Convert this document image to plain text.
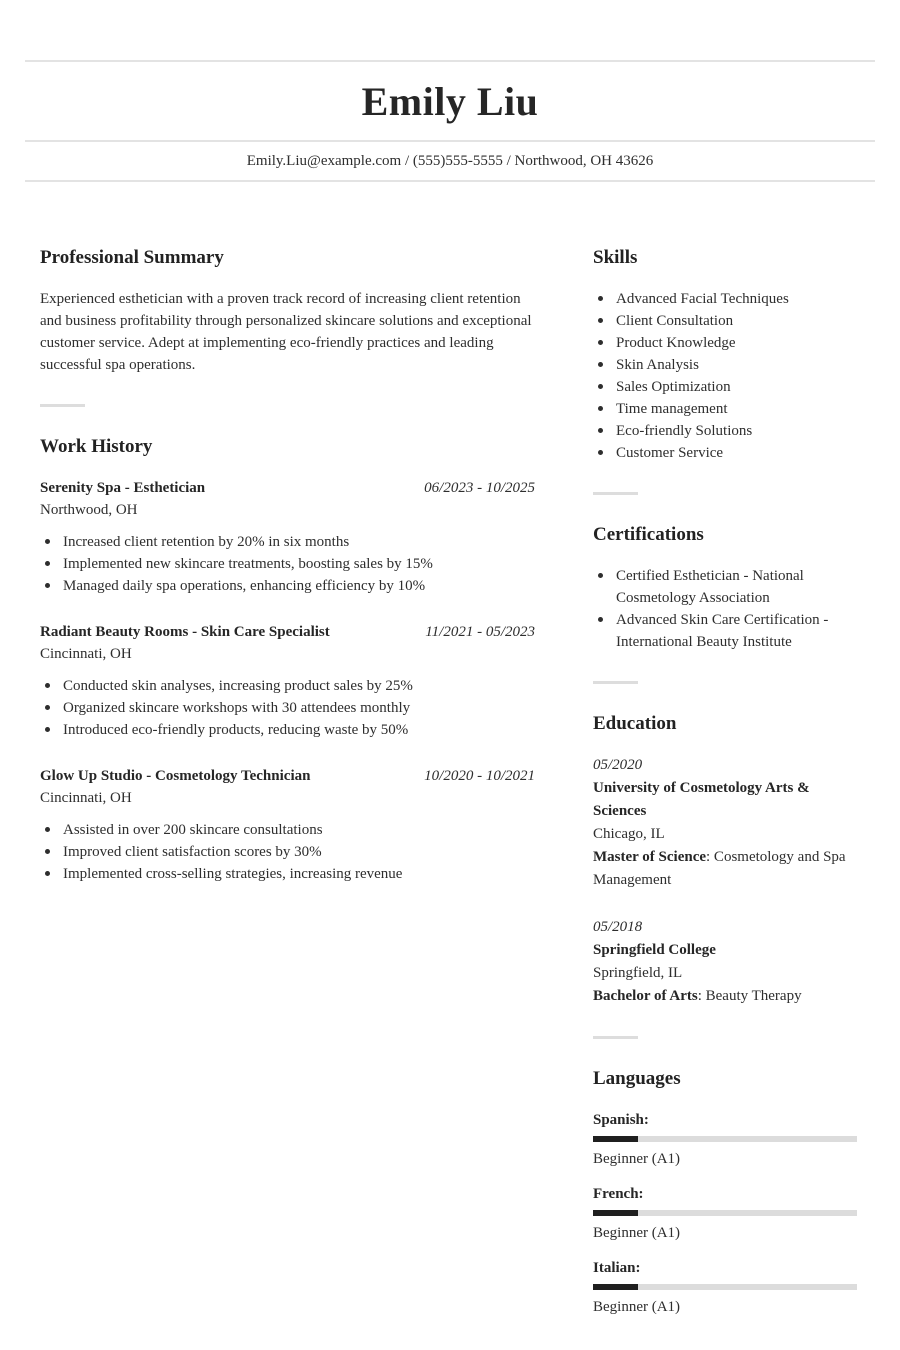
Emily Liu
Emily.Liu@example.com / (555)555-5555 / Northwood, OH 43626
Professional Summary

Experienced esthetician with a proven track record of increasing client retention and business profitability through personalized skincare solutions and exceptional customer service. Adept at implementing eco-friendly practices and leading successful spa operations.

Work History
Serenity Spa - Esthetician	06/2023 - 10/2025
Northwood, OH
Increased client retention by 20% in six months
Implemented new skincare treatments, boosting sales by 15%
Managed daily spa operations, enhancing efficiency by 10%
Radiant Beauty Rooms - Skin Care Specialist	11/2021 - 05/2023
Cincinnati, OH
Conducted skin analyses, increasing product sales by 25%
Organized skincare workshops with 30 attendees monthly
Introduced eco-friendly products, reducing waste by 50%
Glow Up Studio - Cosmetology Technician	10/2020 - 10/2021
Cincinnati, OH
Assisted in over 200 skincare consultations
Improved client satisfaction scores by 30%
Implemented cross-selling strategies, increasing revenue
Skills
Advanced Facial Techniques
Client Consultation
Product Knowledge
Skin Analysis
Sales Optimization
Time management
Eco-friendly Solutions
Customer Service
Certifications
Certified Esthetician - National Cosmetology Association
Advanced Skin Care Certification - International Beauty Institute
Education
05/2020
University of Cosmetology Arts & Sciences
Chicago, IL
Master of Science: Cosmetology and Spa Management
05/2018
Springfield College
Springfield, IL
Bachelor of Arts: Beauty Therapy
Languages
Spanish:
Beginner (A1)
French:
Beginner (A1)
Italian:
Beginner (A1)
